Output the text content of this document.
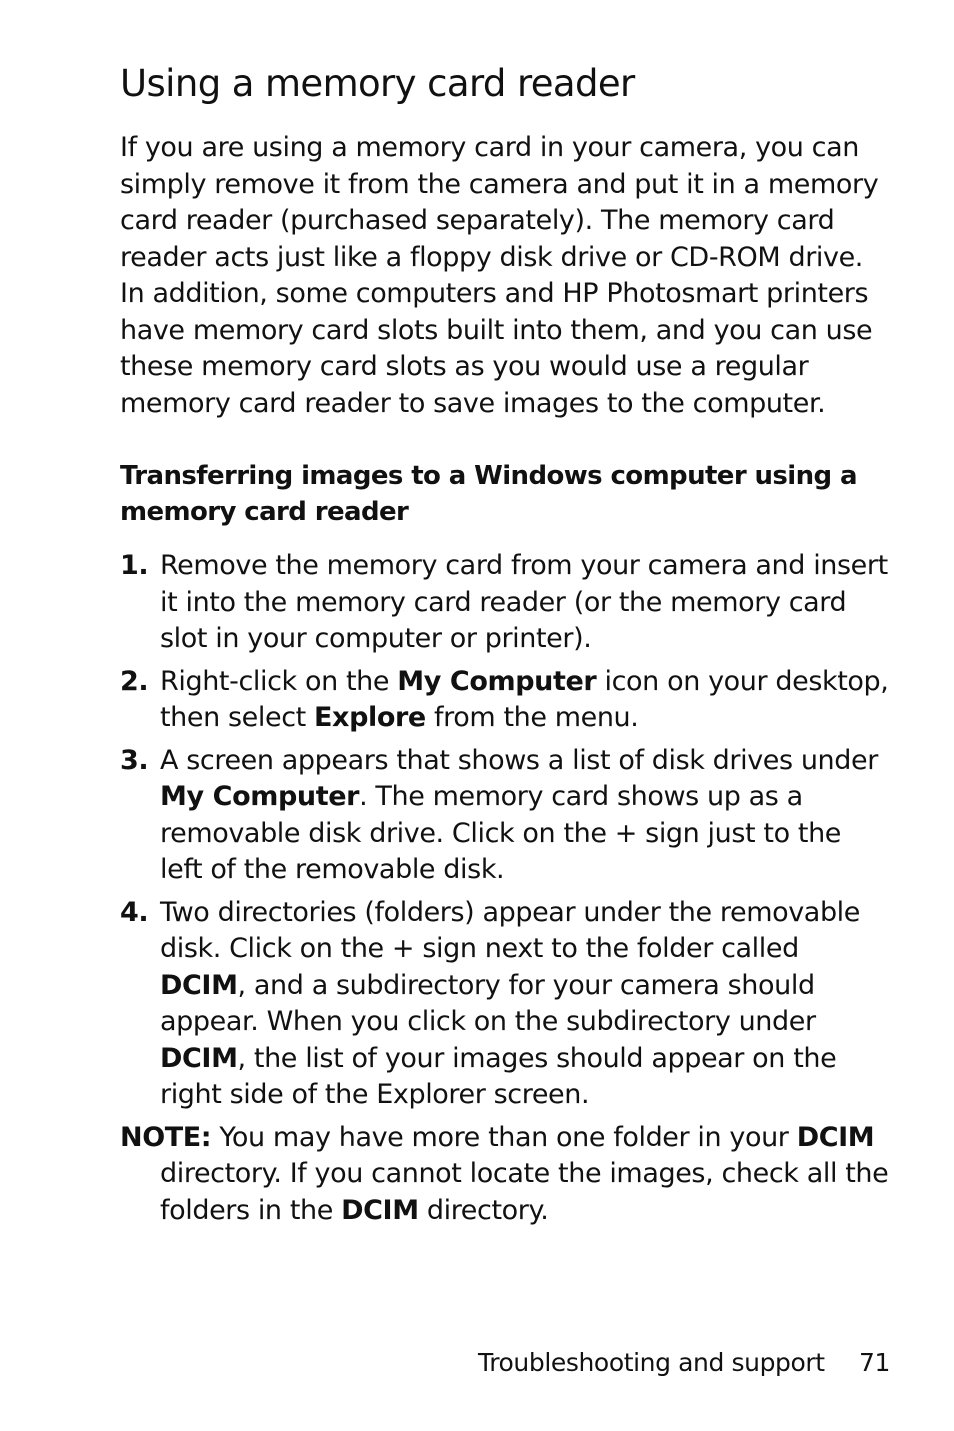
Using a memory card reader

If you are using a memory card in your camera, you can simply remove it from the camera and put it in a memory card reader (purchased separately). The memory card reader acts just like a floppy disk drive or CD-ROM drive. In addition, some computers and HP Photosmart printers have memory card slots built into them, and you can use these memory card slots as you would use a regular memory card reader to save images to the computer.

Transferring images to a Windows computer using a memory card reader
1. Remove the memory card from your camera and insert it into the memory card reader (or the memory card slot in your computer or printer).
2. Right-click on the My Computer icon on your desktop, then select Explore from the menu.
3. A screen appears that shows a list of disk drives under My Computer. The memory card shows up as a removable disk drive. Click on the + sign just to the left of the removable disk.
4. Two directories (folders) appear under the removable disk. Click on the + sign next to the folder called DCIM, and a subdirectory for your camera should appear. When you click on the subdirectory under DCIM, the list of your images should appear on the right side of the Explorer screen.

NOTE: You may have more than one folder in your DCIM directory. If you cannot locate the images, check all the folders in the DCIM directory.

Troubleshooting and support 71
